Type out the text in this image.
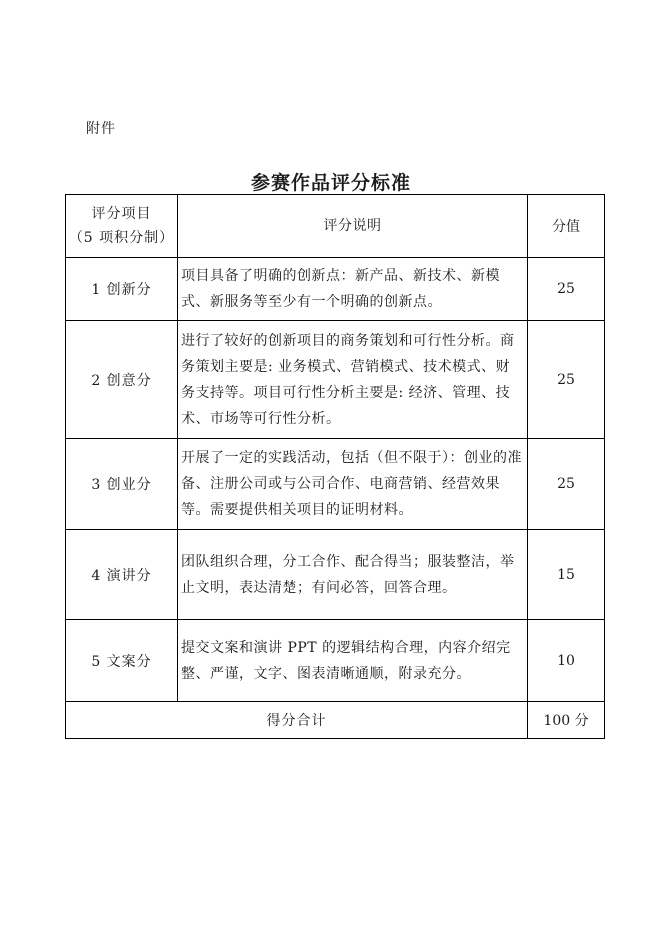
附件
参赛作品评分标准
评分项目
（5 项积分制）	评分说明	分值
1 创新分	项目具备了明确的创新点：新产品、新技术、新模式、新服务等至少有一个明确的创新点。	25
2 创意分	进行了较好的创新项目的商务策划和可行性分析。商务策划主要是: 业务模式、营销模式、技术模式、财务支持等。项目可行性分析主要是: 经济、管理、技术、市场等可行性分析。	25
3 创业分	开展了一定的实践活动，包括（但不限于）：创业的准备、注册公司或与公司合作、电商营销、经营效果等。需要提供相关项目的证明材料。	25
4 演讲分	团队组织合理，分工合作、配合得当；服装整洁，举止文明，表达清楚；有问必答，回答合理。	15
5 文案分	提交文案和演讲 PPT 的逻辑结构合理，内容介绍完整、严谨，文字、图表清晰通顺，附录充分。	10
得分合计		100 分
